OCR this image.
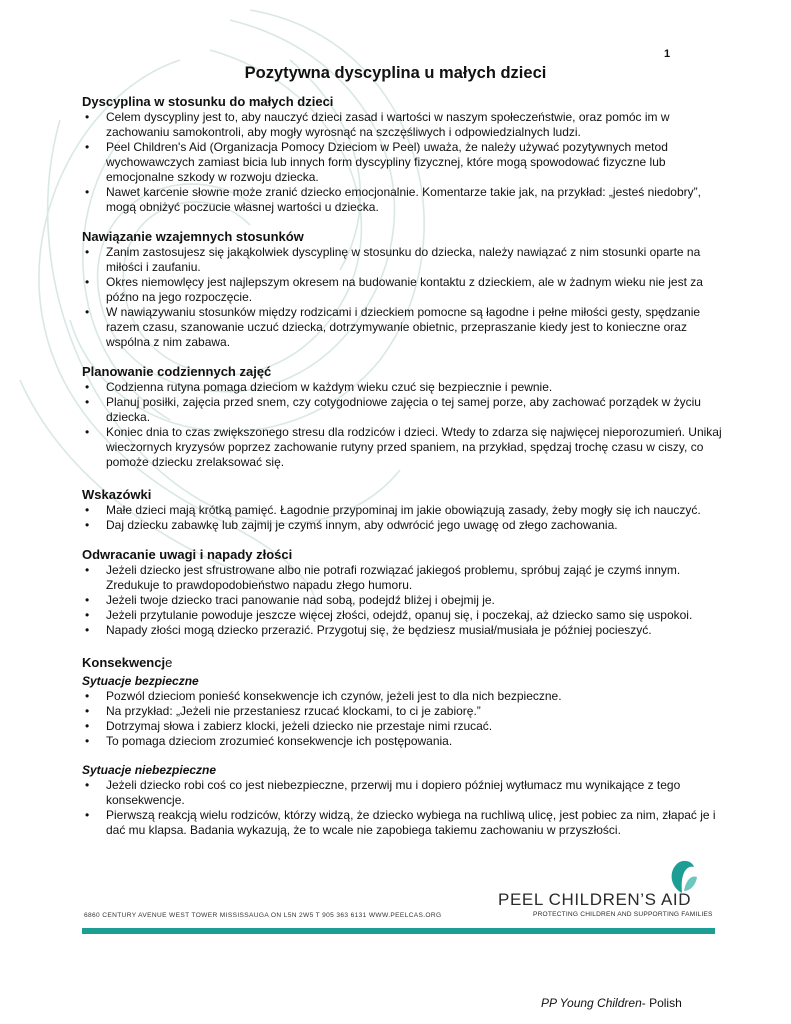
1
Pozytywna dyscyplina u małych dzieci
Dyscyplina w stosunku do małych dzieci
• Celem dyscypliny jest to, aby nauczyć dzieci zasad i wartości w naszym społeczeństwie, oraz pomóc im w zachowaniu samokontroli, aby mogły wyrosnąć na szczęśliwych i odpowiedzialnych ludzi.
• Peel Children's Aid (Organizacja Pomocy Dzieciom w Peel) uważa, że należy używać pozytywnych metod wychowawczych zamiast bicia lub innych form dyscypliny fizycznej, które mogą spowodować fizyczne lub emocjonalne szkody w rozwoju dziecka.
• Nawet karcenie słowne może zranić dziecko emocjonalnie. Komentarze takie jak, na przykład: „jesteś niedobry”, mogą obniżyć poczucie własnej wartości u dziecka.
Nawiązanie wzajemnych stosunków
• Zanim zastosujesz się jakąkolwiek dyscyplinę w stosunku do dziecka, należy nawiązać z nim stosunki oparte na miłości i zaufaniu.
• Okres niemowlęcy jest najlepszym okresem na budowanie kontaktu z dzieckiem, ale w żadnym wieku nie jest za późno na jego rozpoczęcie.
• W nawiązywaniu stosunków między rodzicami i dzieckiem pomocne są łagodne i pełne miłości gesty, spędzanie razem czasu, szanowanie uczuć dziecka, dotrzymywanie obietnic, przepraszanie kiedy jest to konieczne oraz wspólna z nim zabawa.
Planowanie codziennych zajęć
• Codzienna rutyna pomaga dzieciom w każdym wieku czuć się bezpiecznie i pewnie.
• Planuj posiłki, zajęcia przed snem, czy cotygodniowe zajęcia o tej samej porze, aby zachować porządek w życiu dziecka.
• Koniec dnia to czas zwiększonego stresu dla rodziców i dzieci. Wtedy to zdarza się najwięcej nieporozumień. Unikaj wieczornych kryzysów poprzez zachowanie rutyny przed spaniem, na przykład, spędzaj trochę czasu w ciszy, co pomoże dziecku zrelaksować się.
Wskazówki
• Małe dzieci mają krótką pamięć. Łagodnie przypominaj im jakie obowiązują zasady, żeby mogły się ich nauczyć.
• Daj dziecku zabawkę lub zajmij je czymś innym, aby odwrócić jego uwagę od złego zachowania.
Odwracanie uwagi i napady złości
• Jeżeli dziecko jest sfrustrowane albo nie potrafi rozwiązać jakiegoś problemu, spróbuj zająć je czymś innym. Zredukuje to prawdopodobieństwo napadu złego humoru.
• Jeżeli twoje dziecko traci panowanie nad sobą, podejdź bliżej i obejmij je.
• Jeżeli przytulanie powoduje jeszcze więcej złości, odejdź, opanuj się, i poczekaj, aż dziecko samo się uspokoi.
• Napady złości mogą dziecko przerazić. Przygotuj się, że będziesz musiał/musiała je później pocieszyć.
Konsekwencje
Sytuacje bezpieczne
• Pozwól dzieciom ponieść konsekwencje ich czynów, jeżeli jest to dla nich bezpieczne.
• Na przykład: „Jeżeli nie przestaniesz rzucać klockami, to ci je zabiorę.”
• Dotrzymaj słowa i zabierz klocki, jeżeli dziecko nie przestaje nimi rzucać.
• To pomaga dzieciom zrozumieć konsekwencje ich postępowania.
Sytuacje niebezpieczne
• Jeżeli dziecko robi coś co jest niebezpieczne, przerwij mu i dopiero później wytłumacz mu wynikające z tego konsekwencje.
• Pierwszą reakcją wielu rodziców, którzy widzą, że dziecko wybiega na ruchliwą ulicę, jest pobiec za nim, złapać je i dać mu klapsa. Badania wykazują, że to wcale nie zapobiega takiemu zachowaniu w przyszłości.
6860 CENTURY AVENUE WEST TOWER MISSISSAUGA ON L5N 2W5 T 905 363 6131 WWW.PEELCAS.ORG
PEEL CHILDREN’S AID
PROTECTING CHILDREN AND SUPPORTING FAMILIES
PP Young Children- Polish
